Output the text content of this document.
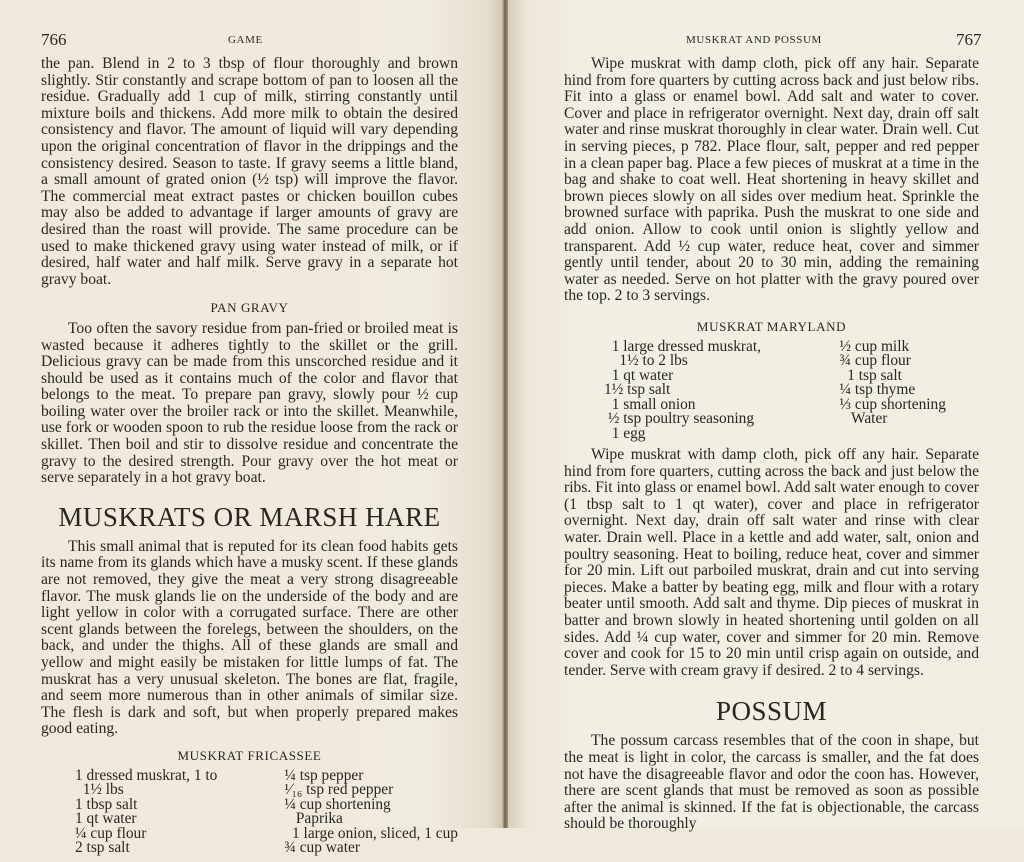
766	GAME

the pan. Blend in 2 to 3 tbsp of flour thoroughly and brown slightly. Stir constantly and scrape bottom of pan to loosen all the residue. Gradually add 1 cup of milk, stirring constantly until mixture boils and thickens. Add more milk to obtain the desired consistency and flavor. The amount of liquid will vary depending upon the original concentration of flavor in the drippings and the consistency desired. Season to taste. If gravy seems a little bland, a small amount of grated onion (½ tsp) will improve the flavor. The commercial meat extract pastes or chicken bouillon cubes may also be added to advantage if larger amounts of gravy are desired than the roast will provide. The same procedure can be used to make thickened gravy using water instead of milk, or if desired, half water and half milk. Serve gravy in a separate hot gravy boat.

PAN GRAVY

Too often the savory residue from pan-fried or broiled meat is wasted because it adheres tightly to the skillet or the grill. Delicious gravy can be made from this unscorched residue and it should be used as it contains much of the color and flavor that belongs to the meat. To prepare pan gravy, slowly pour ½ cup boiling water over the broiler rack or into the skillet. Meanwhile, use fork or wooden spoon to rub the residue loose from the rack or skillet. Then boil and stir to dissolve residue and concentrate the gravy to the desired strength. Pour gravy over the hot meat or serve separately in a hot gravy boat.

MUSKRATS OR MARSH HARE

This small animal that is reputed for its clean food habits gets its name from its glands which have a musky scent. If these glands are not removed, they give the meat a very strong disagreeable flavor. The musk glands lie on the underside of the body and are light yellow in color with a corrugated surface. There are other scent glands between the forelegs, between the shoulders, on the back, and under the thighs. All of these glands are small and yellow and might easily be mistaken for little lumps of fat. The muskrat has a very unusual skeleton. The bones are flat, fragile, and seem more numerous than in other animals of similar size. The flesh is dark and soft, but when properly prepared makes good eating.

MUSKRAT FRICASSEE
1 dressed muskrat, 1 to
1½ lbs
1 tbsp salt
1 qt water
¼ cup flour
2 tsp salt
¼ tsp pepper
¹⁄₁₆ tsp red pepper
¼ cup shortening
Paprika
1 large onion, sliced, 1 cup
¾ cup water
MUSKRAT AND POSSUM	767

Wipe muskrat with damp cloth, pick off any hair. Separate hind from fore quarters by cutting across back and just below ribs. Fit into a glass or enamel bowl. Add salt and water to cover. Cover and place in refrigerator overnight. Next day, drain off salt water and rinse muskrat thoroughly in clear water. Drain well. Cut in serving pieces, p 782. Place flour, salt, pepper and red pepper in a clean paper bag. Place a few pieces of muskrat at a time in the bag and shake to coat well. Heat shortening in heavy skillet and brown pieces slowly on all sides over medium heat. Sprinkle the browned surface with paprika. Push the muskrat to one side and add onion. Allow to cook until onion is slightly yellow and transparent. Add ½ cup water, reduce heat, cover and simmer gently until tender, about 20 to 30 min, adding the remaining water as needed. Serve on hot platter with the gravy poured over the top. 2 to 3 servings.

MUSKRAT MARYLAND
1 large dressed muskrat,
1½ to 2 lbs
1 qt water
1½ tsp salt
1 small onion
½ tsp poultry seasoning
1 egg
½ cup milk
¾ cup flour
1 tsp salt
¼ tsp thyme
⅓ cup shortening
Water

Wipe muskrat with damp cloth, pick off any hair. Separate hind from fore quarters, cutting across the back and just below the ribs. Fit into glass or enamel bowl. Add salt water enough to cover (1 tbsp salt to 1 qt water), cover and place in refrigerator overnight. Next day, drain off salt water and rinse with clear water. Drain well. Place in a kettle and add water, salt, onion and poultry seasoning. Heat to boiling, reduce heat, cover and simmer for 20 min. Lift out parboiled muskrat, drain and cut into serving pieces. Make a batter by beating egg, milk and flour with a rotary beater until smooth. Add salt and thyme. Dip pieces of muskrat in batter and brown slowly in heated shortening until golden on all sides. Add ¼ cup water, cover and simmer for 20 min. Remove cover and cook for 15 to 20 min until crisp again on outside, and tender. Serve with cream gravy if desired. 2 to 4 servings.

POSSUM

The possum carcass resembles that of the coon in shape, but the meat is light in color, the carcass is smaller, and the fat does not have the disagreeable flavor and odor the coon has. However, there are scent glands that must be removed as soon as possible after the animal is skinned. If the fat is objectionable, the carcass should be thoroughly
